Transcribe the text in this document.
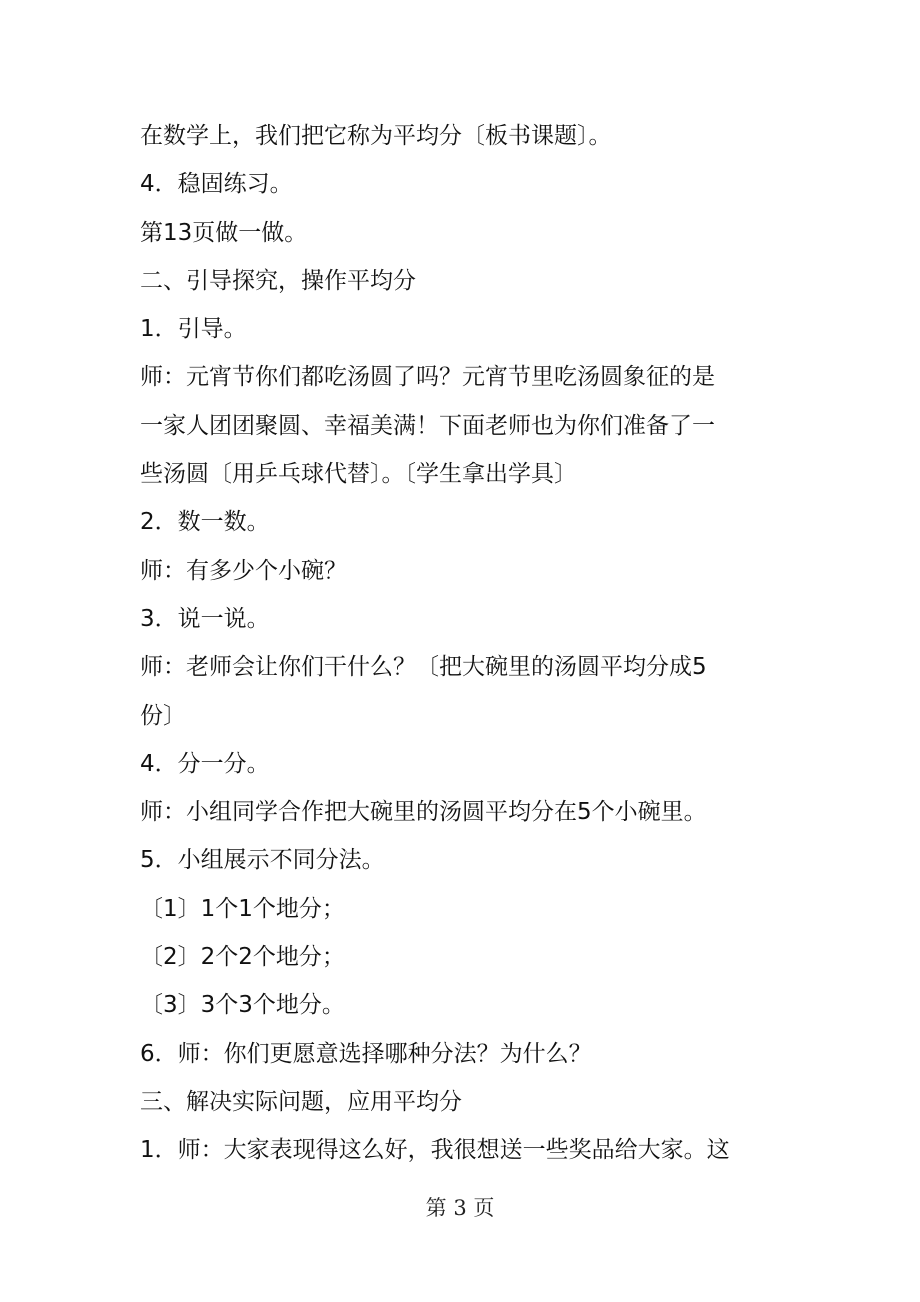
在数学上，我们把它称为平均分〔板书课题〕。
4．稳固练习。
第13页做一做。
二、引导探究，操作平均分
1．引导。
师：元宵节你们都吃汤圆了吗？元宵节里吃汤圆象征的是
一家人团团聚圆、幸福美满！下面老师也为你们准备了一
些汤圆〔用乒乓球代替〕。〔学生拿出学具〕
2．数一数。
师：有多少个小碗？
3．说一说。
师：老师会让你们干什么？〔把大碗里的汤圆平均分成5
份〕
4．分一分。
师：小组同学合作把大碗里的汤圆平均分在5个小碗里。
5．小组展示不同分法。
〔1〕1个1个地分；
〔2〕2个2个地分；
〔3〕3个3个地分。
6．师：你们更愿意选择哪种分法？为什么？
三、解决实际问题，应用平均分
1．师：大家表现得这么好，我很想送一些奖品给大家。这
第 3 页
